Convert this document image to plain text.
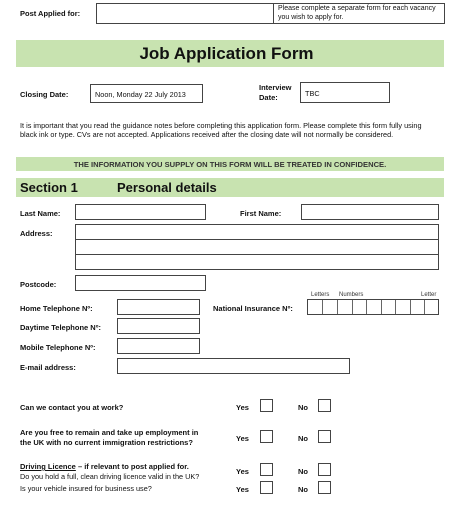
Post Applied for:
Please complete a separate form for each vacancy you wish to apply for.
Job Application Form
Closing Date:	Noon, Monday 22 July 2013
Interview
Date:	TBC
It is important that you read the guidance notes before completing this application form. Please complete this form fully using black ink or type. CVs are not accepted. Applications received after the closing date will not normally be considered.
THE INFORMATION YOU SUPPLY ON THIS FORM WILL BE TREATED IN CONFIDENCE.
Section 1	Personal details
Last Name:	First Name:
Address:
Postcode:
Home Telephone Nº:	National Insurance Nº:
Letters Numbers	Letter
Daytime Telephone Nº:
Mobile Telephone Nº:
E-mail address:
Can we contact you at work?	Yes	No
Are you free to remain and take up employment in
the UK with no current immigration restrictions?	Yes	No
Driving Licence – if relevant to post applied for.
Do you hold a full, clean driving licence valid in the UK?
Yes	No
Is your vehicle insured for business use?	Yes	No
